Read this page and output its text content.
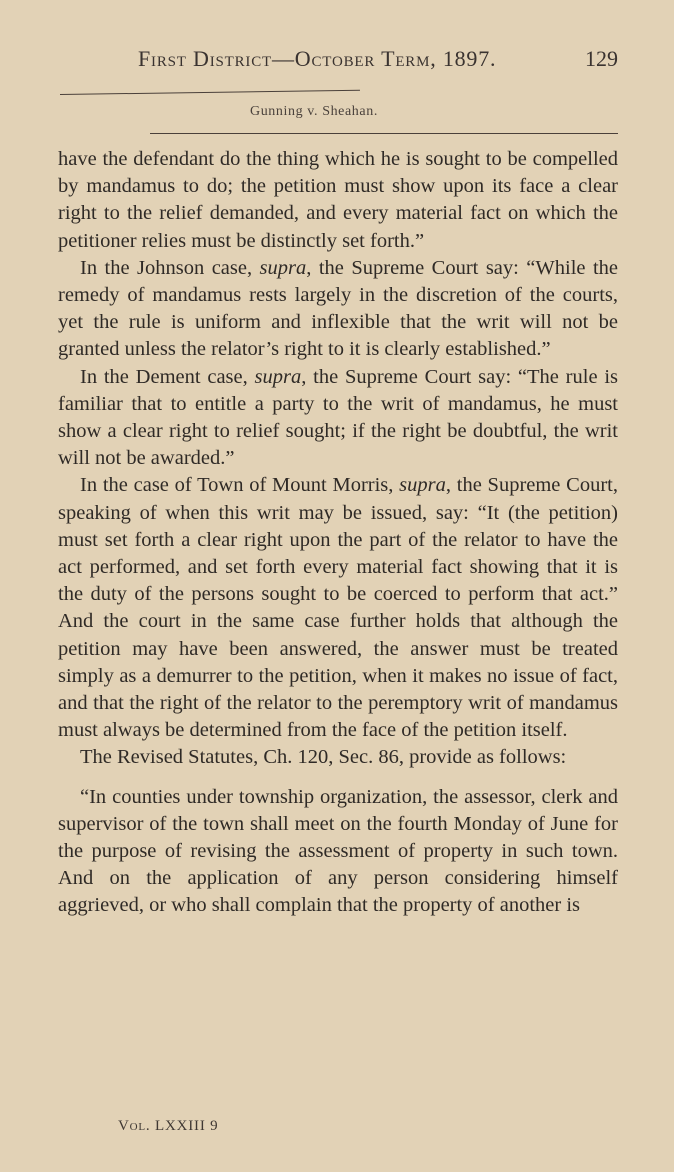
First District—October Term, 1897.	129
Gunning v. Sheahan.

have the defendant do the thing which he is sought to be compelled by mandamus to do; the petition must show upon its face a clear right to the relief demanded, and every material fact on which the petitioner relies must be distinctly set forth.”

In the Johnson case, supra, the Supreme Court say: “While the remedy of mandamus rests largely in the discretion of the courts, yet the rule is uniform and inflexible that the writ will not be granted unless the relator’s right to it is clearly established.”

In the Dement case, supra, the Supreme Court say: “The rule is familiar that to entitle a party to the writ of mandamus, he must show a clear right to relief sought; if the right be doubtful, the writ will not be awarded.”

In the case of Town of Mount Morris, supra, the Supreme Court, speaking of when this writ may be issued, say: “It (the petition) must set forth a clear right upon the part of the relator to have the act performed, and set forth every material fact showing that it is the duty of the persons sought to be coerced to perform that act.” And the court in the same case further holds that although the petition may have been answered, the answer must be treated simply as a demurrer to the petition, when it makes no issue of fact, and that the right of the relator to the peremptory writ of mandamus must always be determined from the face of the petition itself.

The Revised Statutes, Ch. 120, Sec. 86, provide as follows:

“In counties under township organization, the assessor, clerk and supervisor of the town shall meet on the fourth Monday of June for the purpose of revising the assessment of property in such town. And on the application of any person considering himself aggrieved, or who shall complain that the property of another is

Vol. LXXIII 9
